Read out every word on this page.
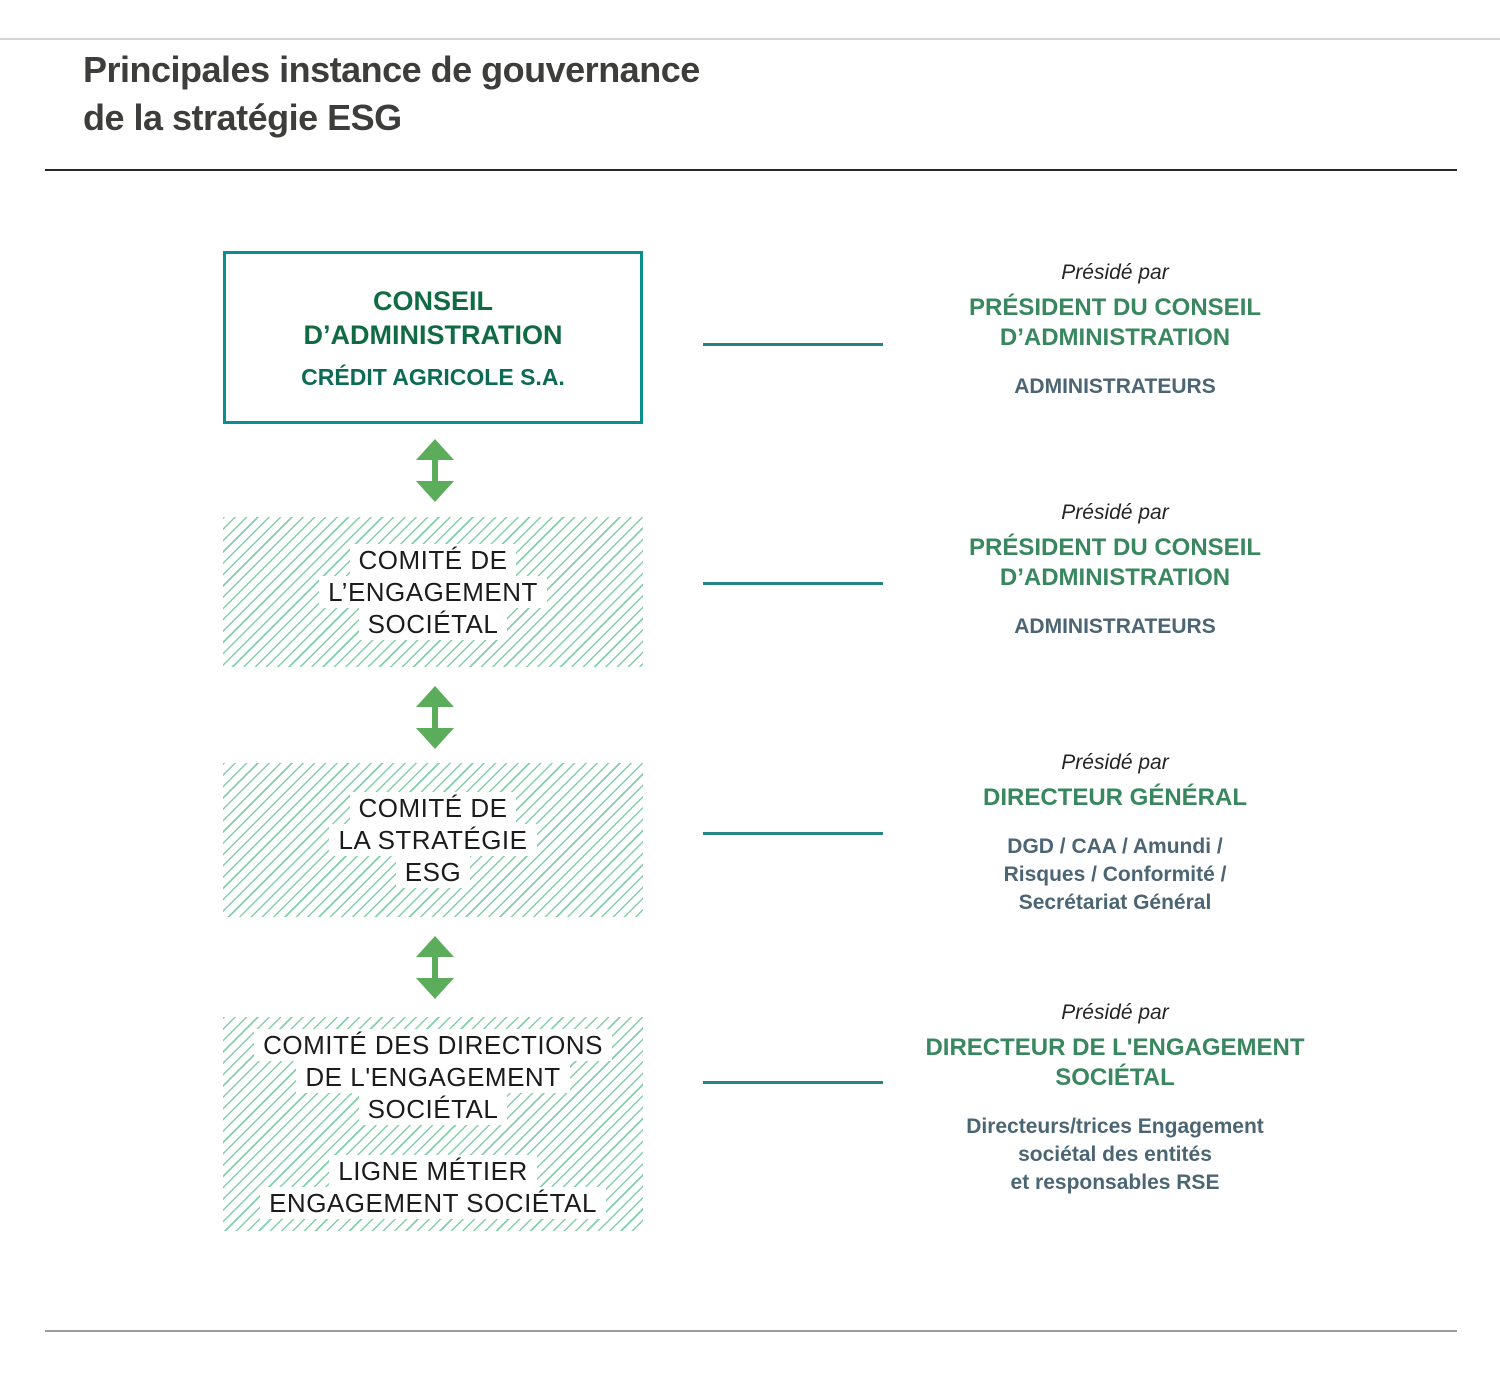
Principales instance de gouvernance
de la stratégie ESG
CONSEIL
D’ADMINISTRATION
CRÉDIT AGRICOLE S.A.
Présidé par
PRÉSIDENT DU CONSEIL
D’ADMINISTRATION
ADMINISTRATEURS
COMITÉ DE
L’ENGAGEMENT
SOCIÉTAL
Présidé par
PRÉSIDENT DU CONSEIL
D’ADMINISTRATION
ADMINISTRATEURS
COMITÉ DE
LA STRATÉGIE
ESG
Présidé par
DIRECTEUR GÉNÉRAL
DGD / CAA / Amundi /
Risques / Conformité /
Secrétariat Général
COMITÉ DES DIRECTIONS
DE L'ENGAGEMENT
SOCIÉTAL
LIGNE MÉTIER
ENGAGEMENT SOCIÉTAL
Présidé par
DIRECTEUR DE L'ENGAGEMENT
SOCIÉTAL
Directeurs/trices Engagement
sociétal des entités
et responsables RSE
